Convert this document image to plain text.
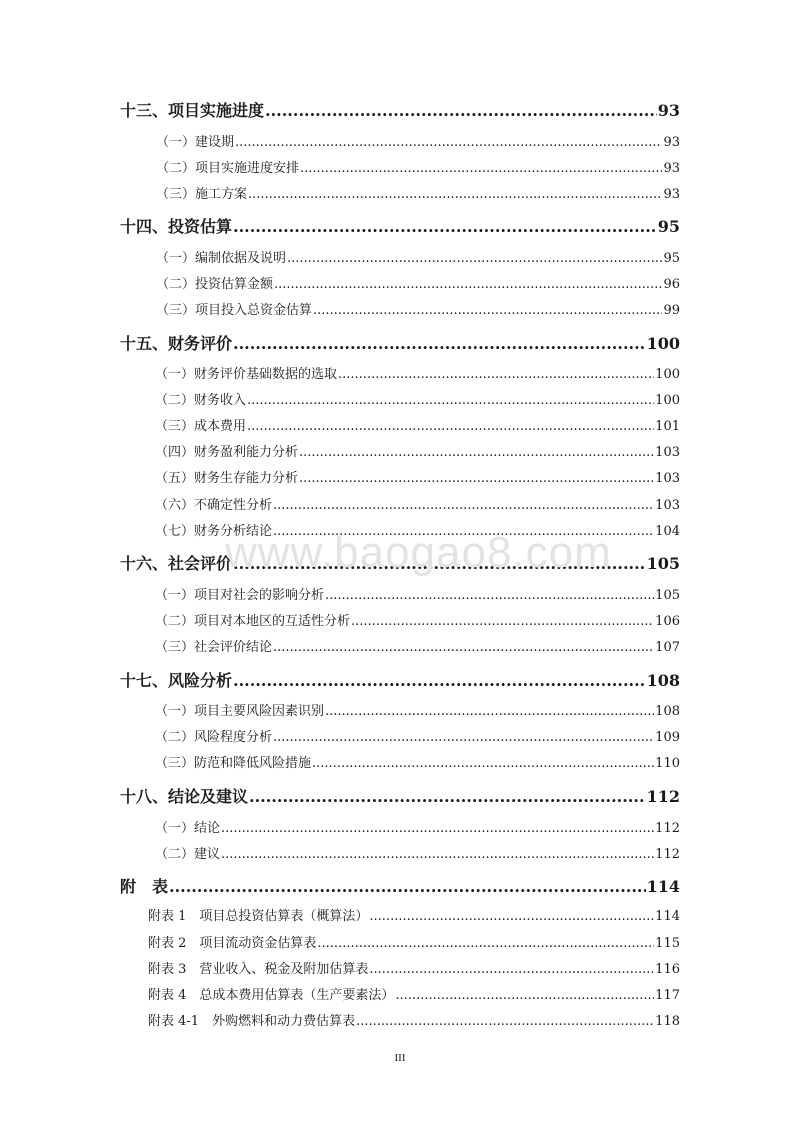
十三、项目实施进度 .....	93
（一）建设期 .....	93
（二）项目实施进度安排 .....	93
（三）施工方案 .....	93
十四、投资估算 .....	95
（一）编制依据及说明 .....	95
（二）投资估算金额 .....	96
（三）项目投入总资金估算 .....	99
十五、财务评价 .....	100
（一）财务评价基础数据的选取 .....	100
（二）财务收入 .....	100
（三）成本费用 .....	101
（四）财务盈利能力分析 .....	103
（五）财务生存能力分析 .....	103
（六）不确定性分析 .....	103
（七）财务分析结论 .....	104
十六、社会评价 .....	105
（一）项目对社会的影响分析 .....	105
（二）项目对本地区的互适性分析 .....	106
（三）社会评价结论 .....	107
十七、风险分析 .....	108
（一）项目主要风险因素识别 .....	108
（二）风险程度分析 .....	109
（三）防范和降低风险措施 .....	110
十八、结论及建议 .....	112
（一）结论 .....	112
（二）建议 .....	112
附　表 .....	114
附表 1　项目总投资估算表（概算法） .....	114
附表 2　项目流动资金估算表 .....	115
附表 3　营业收入、税金及附加估算表 .....	116
附表 4　总成本费用估算表（生产要素法） .....	117
附表 4-1　外购燃料和动力费估算表 .....	118
www.baogao8.com
III
